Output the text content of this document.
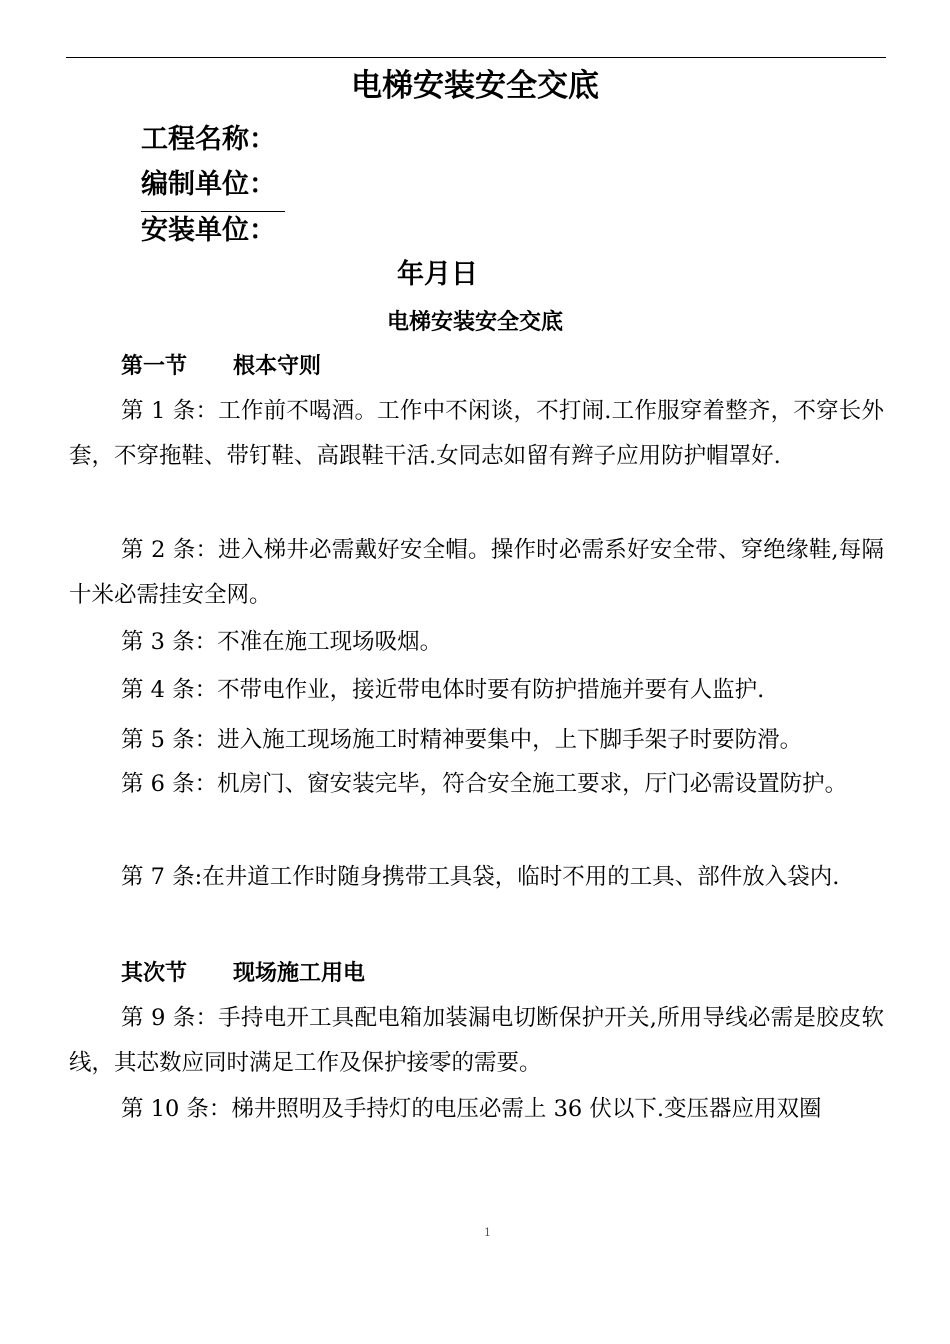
电梯安装安全交底
工程名称：
编制单位：
安装单位：
年月日
电梯安装安全交底
第一节      根本守则

第 1 条：工作前不喝酒。工作中不闲谈，不打闹.工作服穿着整齐，不穿长外套，不穿拖鞋、带钉鞋、高跟鞋干活.女同志如留有辫子应用防护帽罩好.

第 2 条：进入梯井必需戴好安全帽。操作时必需系好安全带、穿绝缘鞋,每隔十米必需挂安全网。

第 3 条：不准在施工现场吸烟。

第 4 条：不带电作业，接近带电体时要有防护措施并要有人监护.

第 5 条：进入施工现场施工时精神要集中，上下脚手架子时要防滑。

第 6 条：机房门、窗安装完毕，符合安全施工要求，厅门必需设置防护。

第 7 条:在井道工作时随身携带工具袋，临时不用的工具、部件放入袋内.

其次节      现场施工用电

第 9 条：手持电开工具配电箱加装漏电切断保护开关,所用导线必需是胶皮软线，其芯数应同时满足工作及保护接零的需要。

第 10 条：梯井照明及手持灯的电压必需上 36 伏以下.变压器应用双圈

1
